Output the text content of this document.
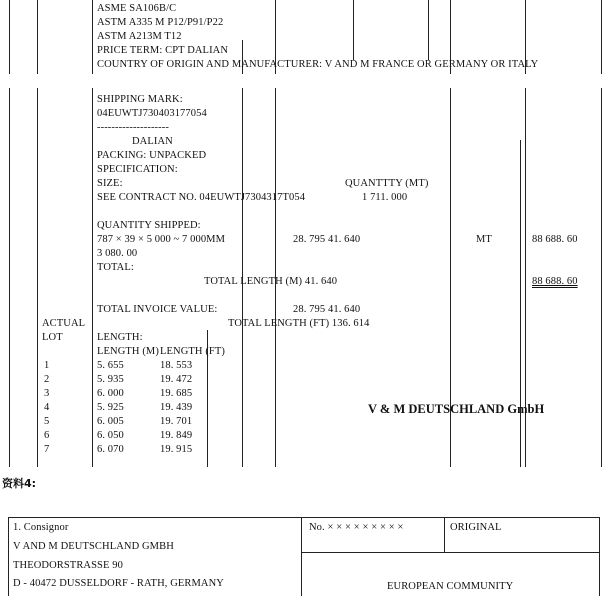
ASME SA106B/C
ASTM A335 M P12/P91/P22
ASTM A213M T12
PRICE TERM: CPT DALIAN
COUNTRY OF ORIGIN AND MANUFACTURER: V AND M FRANCE OR GERMANY OR ITALY
SHIPPING MARK:
04EUWTJ730403177054
--------------------
DALIAN
PACKING: UNPACKED
SPECIFICATION:
SIZE:	QUANTTTY (MT)
SEE CONTRACT NO. 04EUWTJ7304317T054	1 711. 000
QUANTITY SHIPPED:
787 × 39 × 5 000 ~ 7 000MM	28. 795 41. 640	MT	88 688. 60
3 080. 00
TOTAL:
TOTAL LENGTH (M) 41. 640	88 688. 60
TOTAL INVOICE VALUE:	28. 795 41. 640
TOTAL LENGTH (FT) 136. 614
ACTUAL
LOT	LENGTH:
LENGTH (M) LENGTH (FT)
1	5. 655	18. 553
2	5. 935	19. 472
3	6. 000	19. 685
4	5. 925	19. 439
5	6. 005	19. 701
6	6. 050	19. 849
7	6. 070	19. 915
V & M DEUTSCHLAND GmbH
资料4:
1. Consignor
V AND M DEUTSCHLAND GMBH
THEODORSTRASSE 90
D - 40472 DUSSELDORF - RATH, GERMANY
No. × × × × × × × × ×	ORIGINAL
EUROPEAN COMMUNITY
